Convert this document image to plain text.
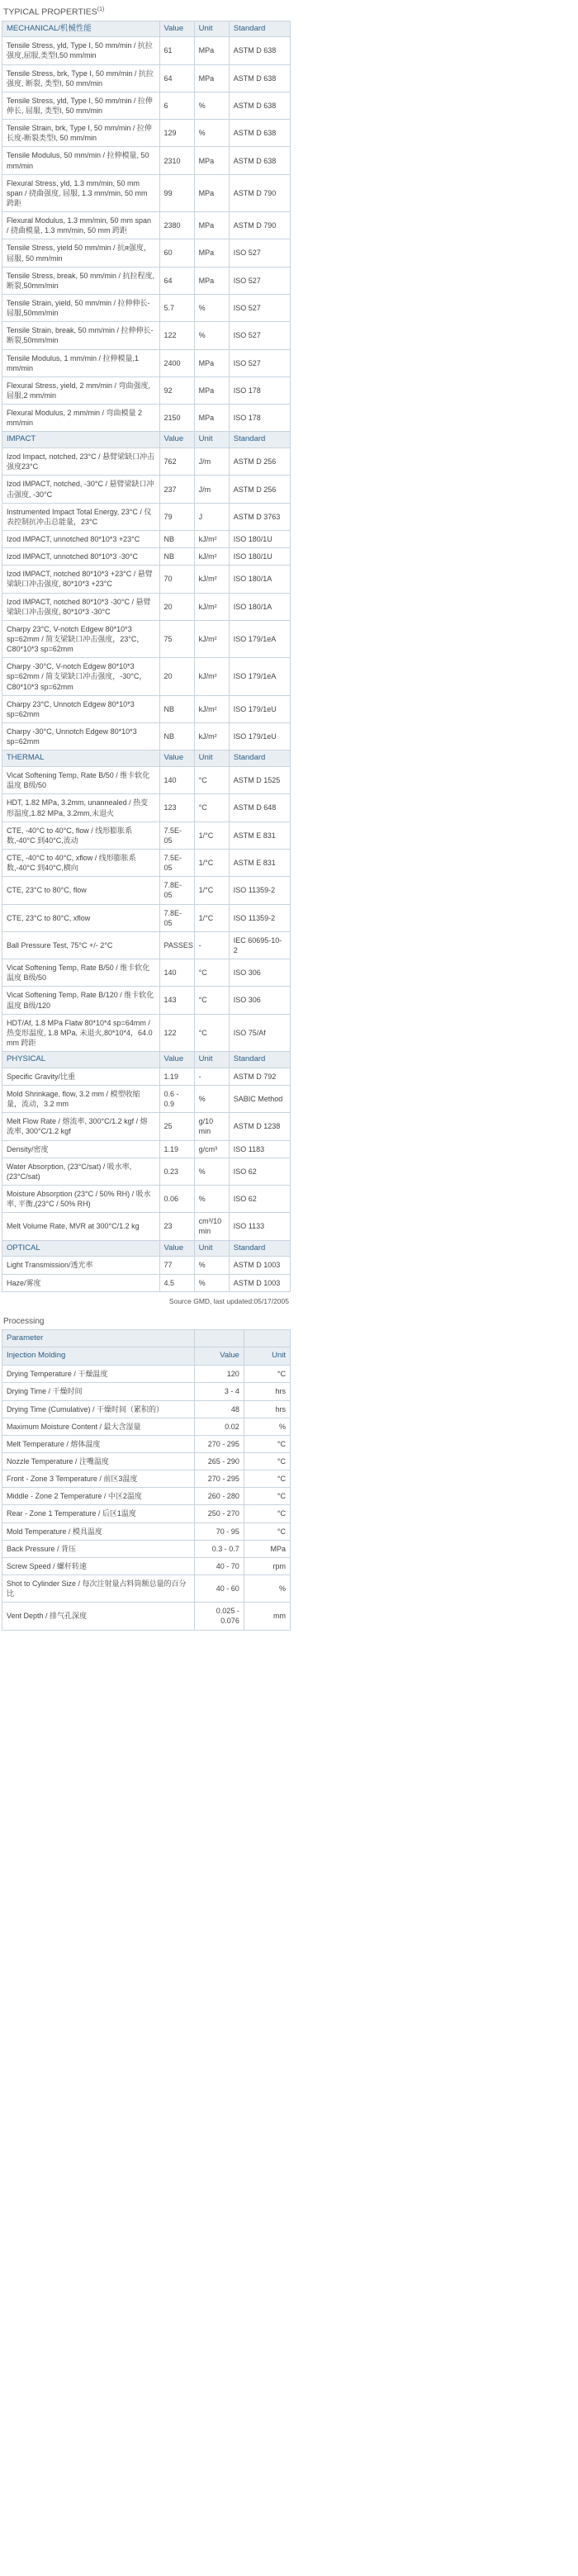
TYPICAL PROPERTIES$^{(1)}$
MECHANICAL/机械性能	Value	Unit	Standard
Tensile Stress, yld, Type I, 50 mm/min / 抗拉强度,屈服,类型I,50 mm/min	61	MPa	ASTM D 638
Tensile Stress, brk, Type I, 50 mm/min / 抗拉强度, 断裂, 类型I, 50 mm/min	64	MPa	ASTM D 638
Tensile Stress, yld, Type I, 50 mm/min / 拉伸伸长, 屈服, 类型I, 50 mm/min	6	%	ASTM D 638
Tensile Strain, brk, Type I, 50 mm/min / 拉伸长度-断裂类型I, 50 mm/min	129	%	ASTM D 638
Tensile Modulus, 50 mm/min / 拉伸模量, 50 mm/min	2310	MPa	ASTM D 638
Flexural Stress, yld, 1.3 mm/min, 50 mm span / 挠曲强度, 屈服, 1.3 mm/min, 50 mm 跨距	99	MPa	ASTM D 790
Flexural Modulus, 1.3 mm/min, 50 mm span / 挠曲模量, 1.3 mm/min, 50 mm 跨距	2380	MPa	ASTM D 790
Tensile Stress, yield 50 mm/min / 抗я强度，屈服, 50 mm/min	60	MPa	ISO 527
Tensile Stress, break, 50 mm/min / 抗拉程度,断裂,50mm/min	64	MPa	ISO 527
Tensile Strain, yield, 50 mm/min / 拉伸伸长-屈服,50mm/min	5.7	%	ISO 527
Tensile Strain, break, 50 mm/min / 拉伸伸长-断裂,50mm/min	122	%	ISO 527
Tensile Modulus, 1 mm/min / 拉伸模量,1 mm/min	2400	MPa	ISO 527
Flexural Stress, yield, 2 mm/min / 弯曲强度,屈服,2 mm/min	92	MPa	ISO 178
Flexural Modulus, 2 mm/min / 弯曲模量 2 mm/min	2150	MPa	ISO 178
IMPACT	Value	Unit	Standard
Izod Impact, notched, 23°C / 悬臂梁缺口冲击强度23°C	762	J/m	ASTM D 256
Izod IMPACT, notched, -30°C / 悬臂梁缺口冲击强度, -30°C	237	J/m	ASTM D 256
Instrumented Impact Total Energy, 23°C / 仪表控制抗冲击总能量，23°C	79	J	ASTM D 3763
Izod IMPACT, unnotched 80*10*3 +23°C	NB	kJ/m²	ISO 180/1U
Izod IMPACT, unnotched 80*10*3 -30°C	NB	kJ/m²	ISO 180/1U
Izod IMPACT, notched 80*10*3 +23°C / 悬臂梁缺口冲击强度, 80*10*3 +23°C	70	kJ/m²	ISO 180/1A
Izod IMPACT, notched 80*10*3 -30°C / 悬臂梁缺口冲击强度, 80*10*3 -30°C	20	kJ/m²	ISO 180/1A
Charpy 23°C, V-notch Edgew 80*10*3 sp=62mm / 简支梁缺口冲击强度，23°C，C80*10*3 sp=62mm	75	kJ/m²	ISO 179/1eA
Charpy -30°C, V-notch Edgew 80*10*3 sp=62mm / 简支梁缺口冲击强度，-30°C，C80*10*3 sp=62mm	20	kJ/m²	ISO 179/1eA
Charpy 23°C, Unnotch Edgew 80*10*3 sp=62mm	NB	kJ/m²	ISO 179/1eU
Charpy -30°C, Unnotch Edgew 80*10*3 sp=62mm	NB	kJ/m²	ISO 179/1eU
THERMAL	Value	Unit	Standard
Vicat Softening Temp, Rate B/50 / 维卡软化温度 B级/50	140	°C	ASTM D 1525
HDT, 1.82 MPa, 3.2mm, unannealed / 热变形温度,1.82 MPa, 3.2mm,未退火	123	°C	ASTM D 648
CTE, -40°C to 40°C, flow / 线形膨胀系数,-40°C 到40°C,流动	7.5E-05	1/°C	ASTM E 831
CTE, -40°C to 40°C, xflow / 线形膨胀系数,-40°C 到40°C,横向	7.5E-05	1/°C	ASTM E 831
CTE, 23°C to 80°C, flow	7.8E-05	1/°C	ISO 11359-2
CTE, 23°C to 80°C, xflow	7.8E-05	1/°C	ISO 11359-2
Ball Pressure Test, 75°C +/- 2°C	PASSES	-	IEC 60695-10-2
Vicat Softening Temp, Rate B/50 / 维卡软化温度 B级/50	140	°C	ISO 306
Vicat Softening Temp, Rate B/120 / 维卡软化温度 B级/120	143	°C	ISO 306
HDT/Af, 1.8 MPa Flatw 80*10*4 sp=64mm / 热变形温度, 1.8 MPa, 未退火,80*10*4，64.0 mm 跨距	122	°C	ISO 75/Af
PHYSICAL	Value	Unit	Standard
Specific Gravity/比重	1.19	-	ASTM D 792
Mold Shrinkage, flow, 3.2 mm / 模塑收缩量，流动，3.2 mm	0.6 - 0.9	%	SABIC Method
Melt Flow Rate / 熔流率, 300°C/1.2 kgf / 熔流率, 300°C/1.2 kgf	25	g/10 min	ASTM D 1238
Density/密度	1.19	g/cm³	ISO 1183
Water Absorption, (23°C/sat) / 吸水率, (23°C/sat)	0.23	%	ISO 62
Moisture Absorption (23°C / 50% RH) / 吸水率, 平衡,(23°C / 50% RH)	0.06	%	ISO 62
Melt Volume Rate, MVR at 300°C/1.2 kg	23	cm³/10 min	ISO 1133
OPTICAL	Value	Unit	Standard
Light Transmission/透光率	77	%	ASTM D 1003
Haze/雾度	4.5	%	ASTM D 1003
Source GMD, last updated:05/17/2005
Processing
Parameter		
Injection Molding	Value	Unit
Drying Temperature / 干燥温度	120	°C
Drying Time / 干燥时间	3 - 4	hrs
Drying Time (Cumulative) / 干燥时间（累积的）	48	hrs
Maximum Moisture Content / 最大含湿量	0.02	%
Melt Temperature / 熔体温度	270 - 295	°C
Nozzle Temperature / 注嘴温度	265 - 290	°C
Front - Zone 3 Temperature / 前区3温度	270 - 295	°C
Middle - Zone 2 Temperature / 中区2温度	260 - 280	°C
Rear - Zone 1 Temperature / 后区1温度	250 - 270	°C
Mold Temperature / 模具温度	70 - 95	°C
Back Pressure / 背压	0.3 - 0.7	MPa
Screw Speed / 螺杆转速	40 - 70	rpm
Shot to Cylinder Size / 每次注射量占料筒额总量的百分比	40 - 60	%
Vent Depth / 排气孔深度	0.025 - 0.076	mm
